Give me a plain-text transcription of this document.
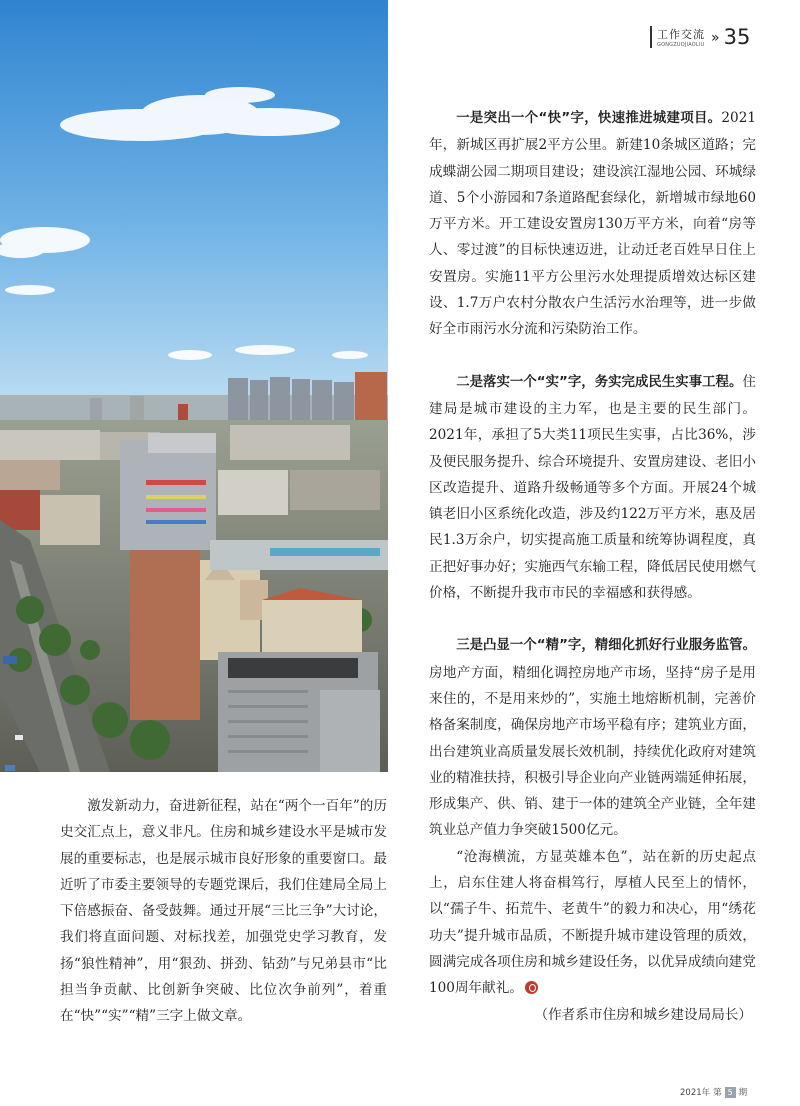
工作交流
GONGZUOJIAOLIU » 35

一是突出一个“快”字，快速推进城建项目。2021年，新城区再扩展2平方公里。新建10条城区道路；完成蝶湖公园二期项目建设；建设滨江湿地公园、环城绿道、5个小游园和7条道路配套绿化，新增城市绿地60万平方米。开工建设安置房130万平方米，向着“房等人、零过渡”的目标快速迈进，让动迁老百姓早日住上安置房。实施11平方公里污水处理提质增效达标区建设、1.7万户农村分散农户生活污水治理等，进一步做好全市雨污水分流和污染防治工作。

二是落实一个“实”字，务实完成民生实事工程。住建局是城市建设的主力军，也是主要的民生部门。2021年，承担了5大类11项民生实事，占比36%，涉及便民服务提升、综合环境提升、安置房建设、老旧小区改造提升、道路升级畅通等多个方面。开展24个城镇老旧小区系统化改造，涉及约122万平方米，惠及居民1.3万余户，切实提高施工质量和统筹协调程度，真正把好事办好；实施西气东输工程，降低居民使用燃气价格，不断提升我市市民的幸福感和获得感。

三是凸显一个“精”字，精细化抓好行业服务监管。房地产方面，精细化调控房地产市场，坚持“房子是用来住的，不是用来炒的”，实施土地熔断机制，完善价格备案制度，确保房地产市场平稳有序；建筑业方面，出台建筑业高质量发展长效机制，持续优化政府对建筑业的精准扶持，积极引导企业向产业链两端延伸拓展，形成集产、供、销、建于一体的建筑全产业链，全年建筑业总产值力争突破1500亿元。

“沧海横流，方显英雄本色”，站在新的历史起点上，启东住建人将奋楫笃行，厚植人民至上的情怀，以“孺子牛、拓荒牛、老黄牛”的毅力和决心，用“绣花功夫”提升城市品质，不断提升城市建设管理的质效，圆满完成各项住房和城乡建设任务，以优异成绩向建党100周年献礼。

（作者系市住房和城乡建设局局长）

激发新动力，奋进新征程，站在“两个一百年”的历史交汇点上，意义非凡。住房和城乡建设水平是城市发展的重要标志，也是展示城市良好形象的重要窗口。最近听了市委主要领导的专题党课后，我们住建局全局上下倍感振奋、备受鼓舞。通过开展“三比三争”大讨论，我们将直面问题、对标找差，加强党史学习教育，发扬“狼性精神”，用“狠劲、拼劲、钻劲”与兄弟县市“比担当争贡献、比创新争突破、比位次争前列”，着重在“快”“实”“精”三字上做文章。

2021年 第 5 期
